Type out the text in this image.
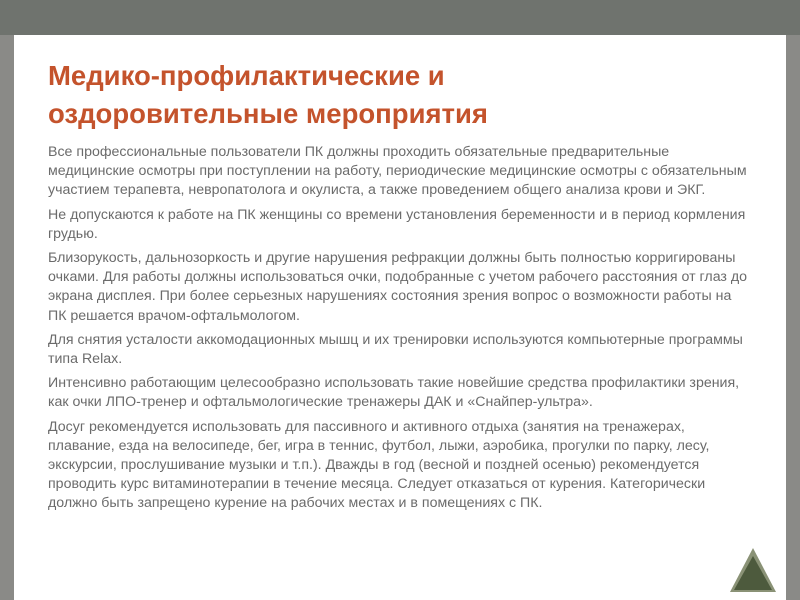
Медико-профилактические и
оздоровительные мероприятия

Все профессиональные пользователи ПК должны проходить обязательные предварительные медицинские осмотры при поступлении на работу, периодические медицинские осмотры с обязательным участием терапевта, невропатолога и окулиста, а также проведением общего анализа крови и ЭКГ.

Не допускаются к работе на ПК женщины со времени установления беременности и в период кормления грудью.

Близорукость, дальнозоркость и другие нарушения рефракции должны быть полностью корригированы очками. Для работы должны использоваться очки, подобранные с учетом рабочего расстояния от глаз до экрана дисплея. При более серьезных нарушениях состояния зрения вопрос о возможности работы на ПК решается врачом-офтальмологом.

Для снятия усталости аккомодационных мышц и их тренировки используются компьютерные программы типа Relax.

Интенсивно работающим целесообразно использовать такие новейшие средства профилактики зрения, как очки ЛПО-тренер и офтальмологические тренажеры ДАК и «Снайпер-ультра».

Досуг рекомендуется использовать для пассивного и активного отдыха (занятия на тренажерах, плавание, езда на велосипеде, бег, игра в теннис, футбол, лыжи, аэробика, прогулки по парку, лесу, экскурсии, прослушивание музыки и т.п.). Дважды в год (весной и поздней осенью) рекомендуется проводить курс витаминотерапии в течение месяца. Следует отказаться от курения. Категорически должно быть запрещено курение на рабочих местах и в помещениях с ПК.
